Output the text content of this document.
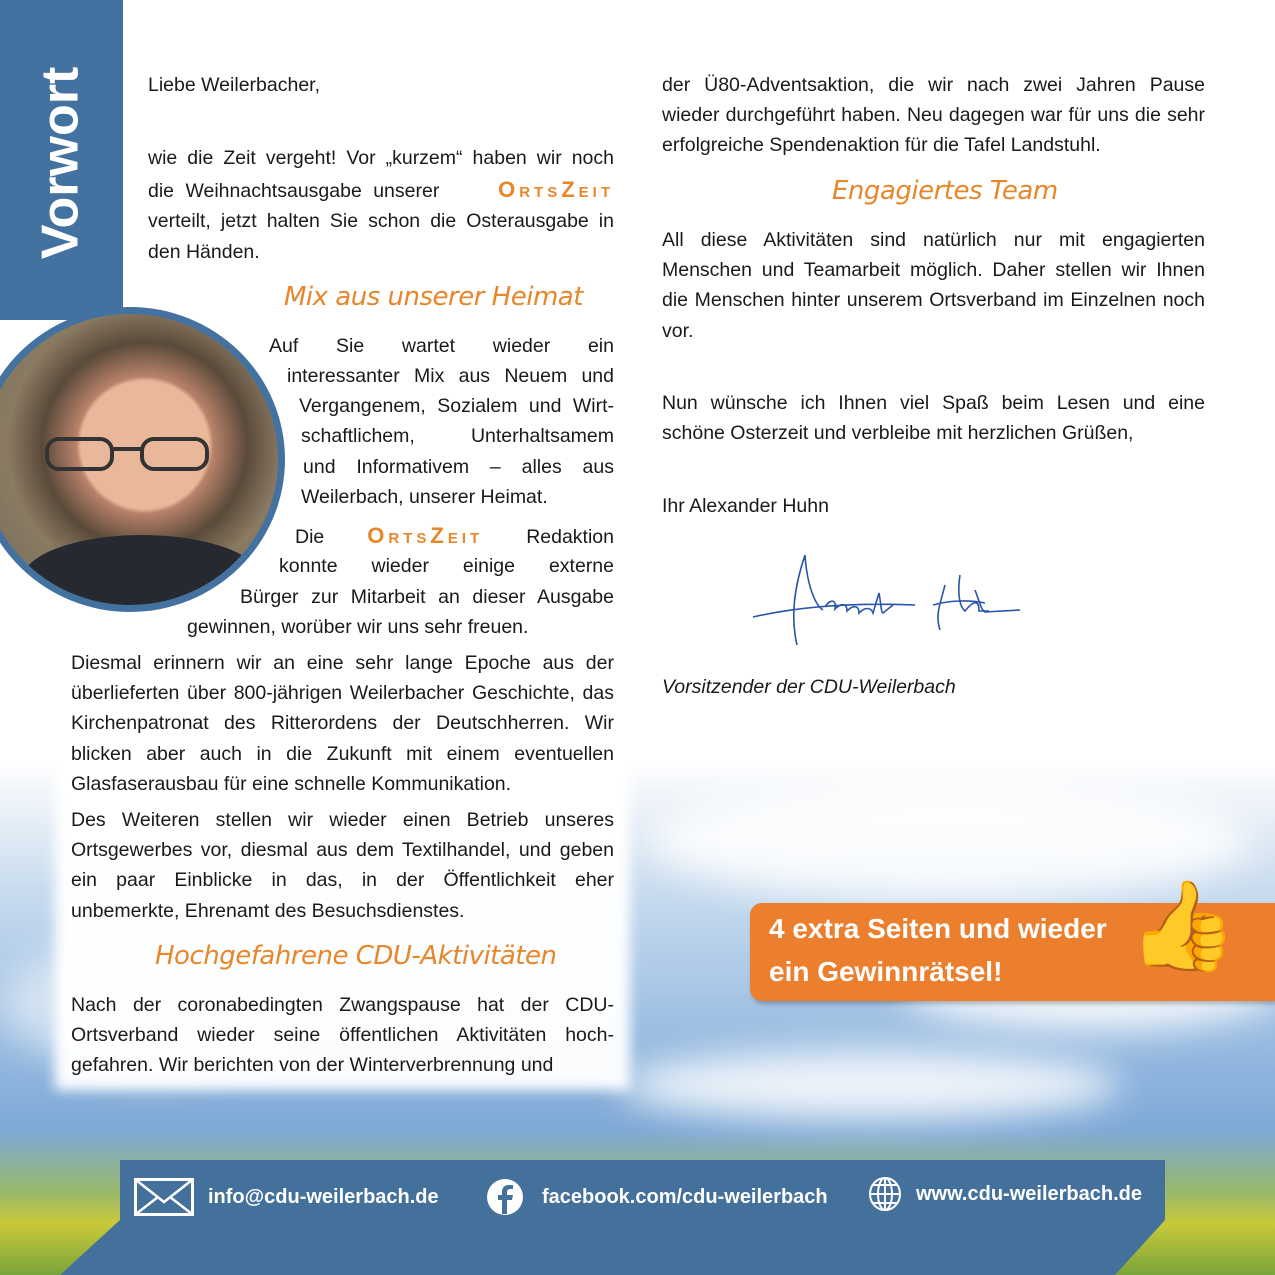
Vorwort	Liebe Weilerbacher,
wie die Zeit vergeht! Vor „kurzem“ haben wir noch
die Weihnachtsausgabe unserer	OrtsZeit
verteilt, jetzt halten Sie schon die Osterausgabe in
den Händen.
Mix aus unserer Heimat
Auf Sie wartet wieder ein
interessanter Mix aus Neuem und
Vergangenem, Sozialem und Wirt-
schaftlichem, Unterhaltsamem
und Informativem – alles aus
Weilerbach, unserer Heimat.
Die OrtsZeit Redaktion
konnte wieder einige externe
Bürger zur Mitarbeit an dieser Ausgabe
gewinnen, worüber wir uns sehr freuen.
Diesmal erinnern wir an eine sehr lange Epoche aus der überlieferten über 800-jährigen Weilerbacher Geschichte, das Kirchenpatronat des Ritterordens der Deutschherren. Wir blicken aber auch in die Zukunft mit einem eventuellen Glasfaserausbau für eine schnelle Kommunikation.
Des Weiteren stellen wir wieder einen Betrieb unseres Ortsgewerbes vor, diesmal aus dem Textilhandel, und geben ein paar Einblicke in das, in der Öffentlichkeit eher unbemerkte, Ehrenamt des Besuchsdienstes.
Hochgefahrene CDU-Aktivitäten
Nach der coronabedingten Zwangspause hat der CDU-Ortsverband wieder seine öffentlichen Aktivitäten hoch-gefahren. Wir berichten von der Winterverbrennung und
der Ü80-Adventsaktion, die wir nach zwei Jahren Pause wieder durchgeführt haben. Neu dagegen war für uns die sehr erfolgreiche Spendenaktion für die Tafel Landstuhl.
Engagiertes Team
All diese Aktivitäten sind natürlich nur mit engagierten Menschen und Teamarbeit möglich. Daher stellen wir Ihnen die Menschen hinter unserem Ortsverband im Einzelnen noch vor.
Nun wünsche ich Ihnen viel Spaß beim Lesen und eine schöne Osterzeit und verbleibe mit herzlichen Grüßen,
Ihr Alexander Huhn
Vorsitzender der CDU-Weilerbach
4 extra Seiten und wieder
ein Gewinnrätsel! 👍
info@cdu-weilerbach.de	facebook.com/cdu-weilerbach	www.cdu-weilerbach.de
